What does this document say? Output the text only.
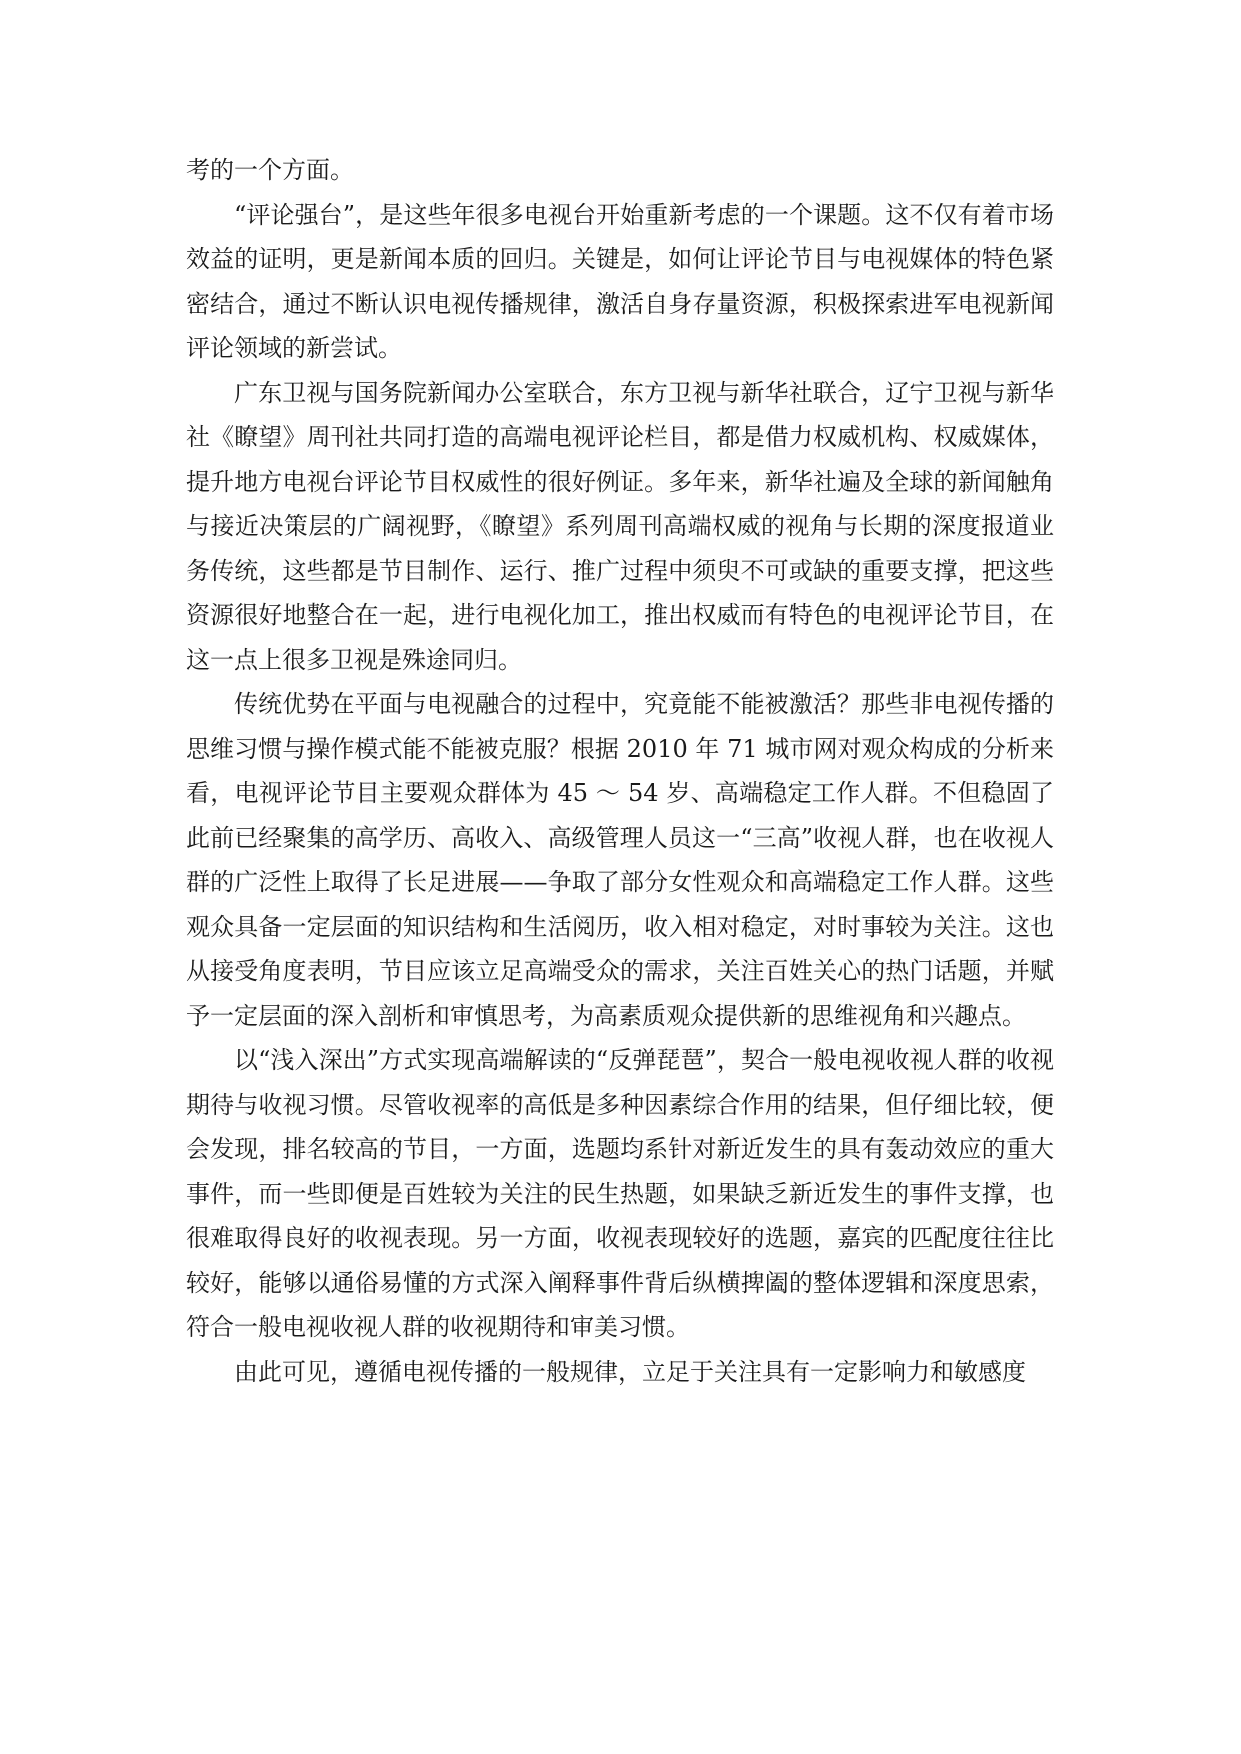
考的一个方面。

“评论强台”，是这些年很多电视台开始重新考虑的一个课题。这不仅有着市场效益的证明，更是新闻本质的回归。关键是，如何让评论节目与电视媒体的特色紧密结合，通过不断认识电视传播规律，激活自身存量资源，积极探索进军电视新闻评论领域的新尝试。

广东卫视与国务院新闻办公室联合，东方卫视与新华社联合，辽宁卫视与新华社《瞭望》周刊社共同打造的高端电视评论栏目，都是借力权威机构、权威媒体，提升地方电视台评论节目权威性的很好例证。多年来，新华社遍及全球的新闻触角与接近决策层的广阔视野，《瞭望》系列周刊高端权威的视角与长期的深度报道业务传统，这些都是节目制作、运行、推广过程中须臾不可或缺的重要支撑，把这些资源很好地整合在一起，进行电视化加工，推出权威而有特色的电视评论节目，在这一点上很多卫视是殊途同归。

传统优势在平面与电视融合的过程中，究竟能不能被激活？那些非电视传播的思维习惯与操作模式能不能被克服？根据 2010 年 71 城市网对观众构成的分析来看，电视评论节目主要观众群体为 45 ～ 54 岁、高端稳定工作人群。不但稳固了此前已经聚集的高学历、高收入、高级管理人员这一“三高”收视人群，也在收视人群的广泛性上取得了长足进展——争取了部分女性观众和高端稳定工作人群。这些观众具备一定层面的知识结构和生活阅历，收入相对稳定，对时事较为关注。这也从接受角度表明，节目应该立足高端受众的需求，关注百姓关心的热门话题，并赋予一定层面的深入剖析和审慎思考，为高素质观众提供新的思维视角和兴趣点。

以“浅入深出”方式实现高端解读的“反弹琵琶”，契合一般电视收视人群的收视期待与收视习惯。尽管收视率的高低是多种因素综合作用的结果，但仔细比较，便会发现，排名较高的节目，一方面，选题均系针对新近发生的具有轰动效应的重大事件，而一些即便是百姓较为关注的民生热题，如果缺乏新近发生的事件支撑，也很难取得良好的收视表现。另一方面，收视表现较好的选题，嘉宾的匹配度往往比较好，能够以通俗易懂的方式深入阐释事件背后纵横捭阖的整体逻辑和深度思索，符合一般电视收视人群的收视期待和审美习惯。

由此可见，遵循电视传播的一般规律，立足于关注具有一定影响力和敏感度
